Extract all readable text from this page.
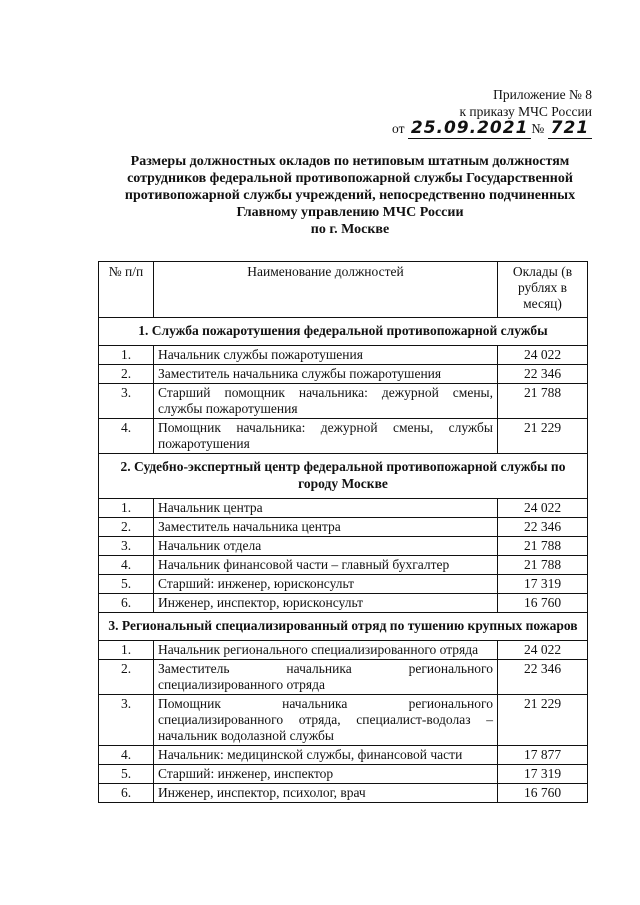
Приложение № 8
к приказу МЧС России
от 25.09.2021 № 721
Размеры должностных окладов по нетиповым штатным должностям
сотрудников федеральной противопожарной службы Государственной
противопожарной службы учреждений, непосредственно подчиненных
Главному управлению МЧС России
по г. Москве
№ п/п	Наименование должностей	Оклады (в рублях в месяц)
1. Служба пожаротушения федеральной противопожарной службы		
1.	Начальник службы пожаротушения	24 022
2.	Заместитель начальника службы пожаротушения	22 346
3.	Старший помощник начальника: дежурной смены, службы пожаротушения	21 788
4.	Помощник начальника: дежурной смены, службы пожаротушения	21 229
2. Судебно-экспертный центр федеральной противопожарной службы по городу Москве		
1.	Начальник центра	24 022
2.	Заместитель начальника центра	22 346
3.	Начальник отдела	21 788
4.	Начальник финансовой части – главный бухгалтер	21 788
5.	Старший: инженер, юрисконсульт	17 319
6.	Инженер, инспектор, юрисконсульт	16 760
3. Региональный специализированный отряд по тушению крупных пожаров		
1.	Начальник регионального специализированного отряда	24 022
2.	Заместитель начальника регионального специализированного отряда	22 346
3.	Помощник начальника регионального специализированного отряда, специалист-водолаз – начальник водолазной службы	21 229
4.	Начальник: медицинской службы, финансовой части	17 877
5.	Старший: инженер, инспектор	17 319
6.	Инженер, инспектор, психолог, врач	16 760
